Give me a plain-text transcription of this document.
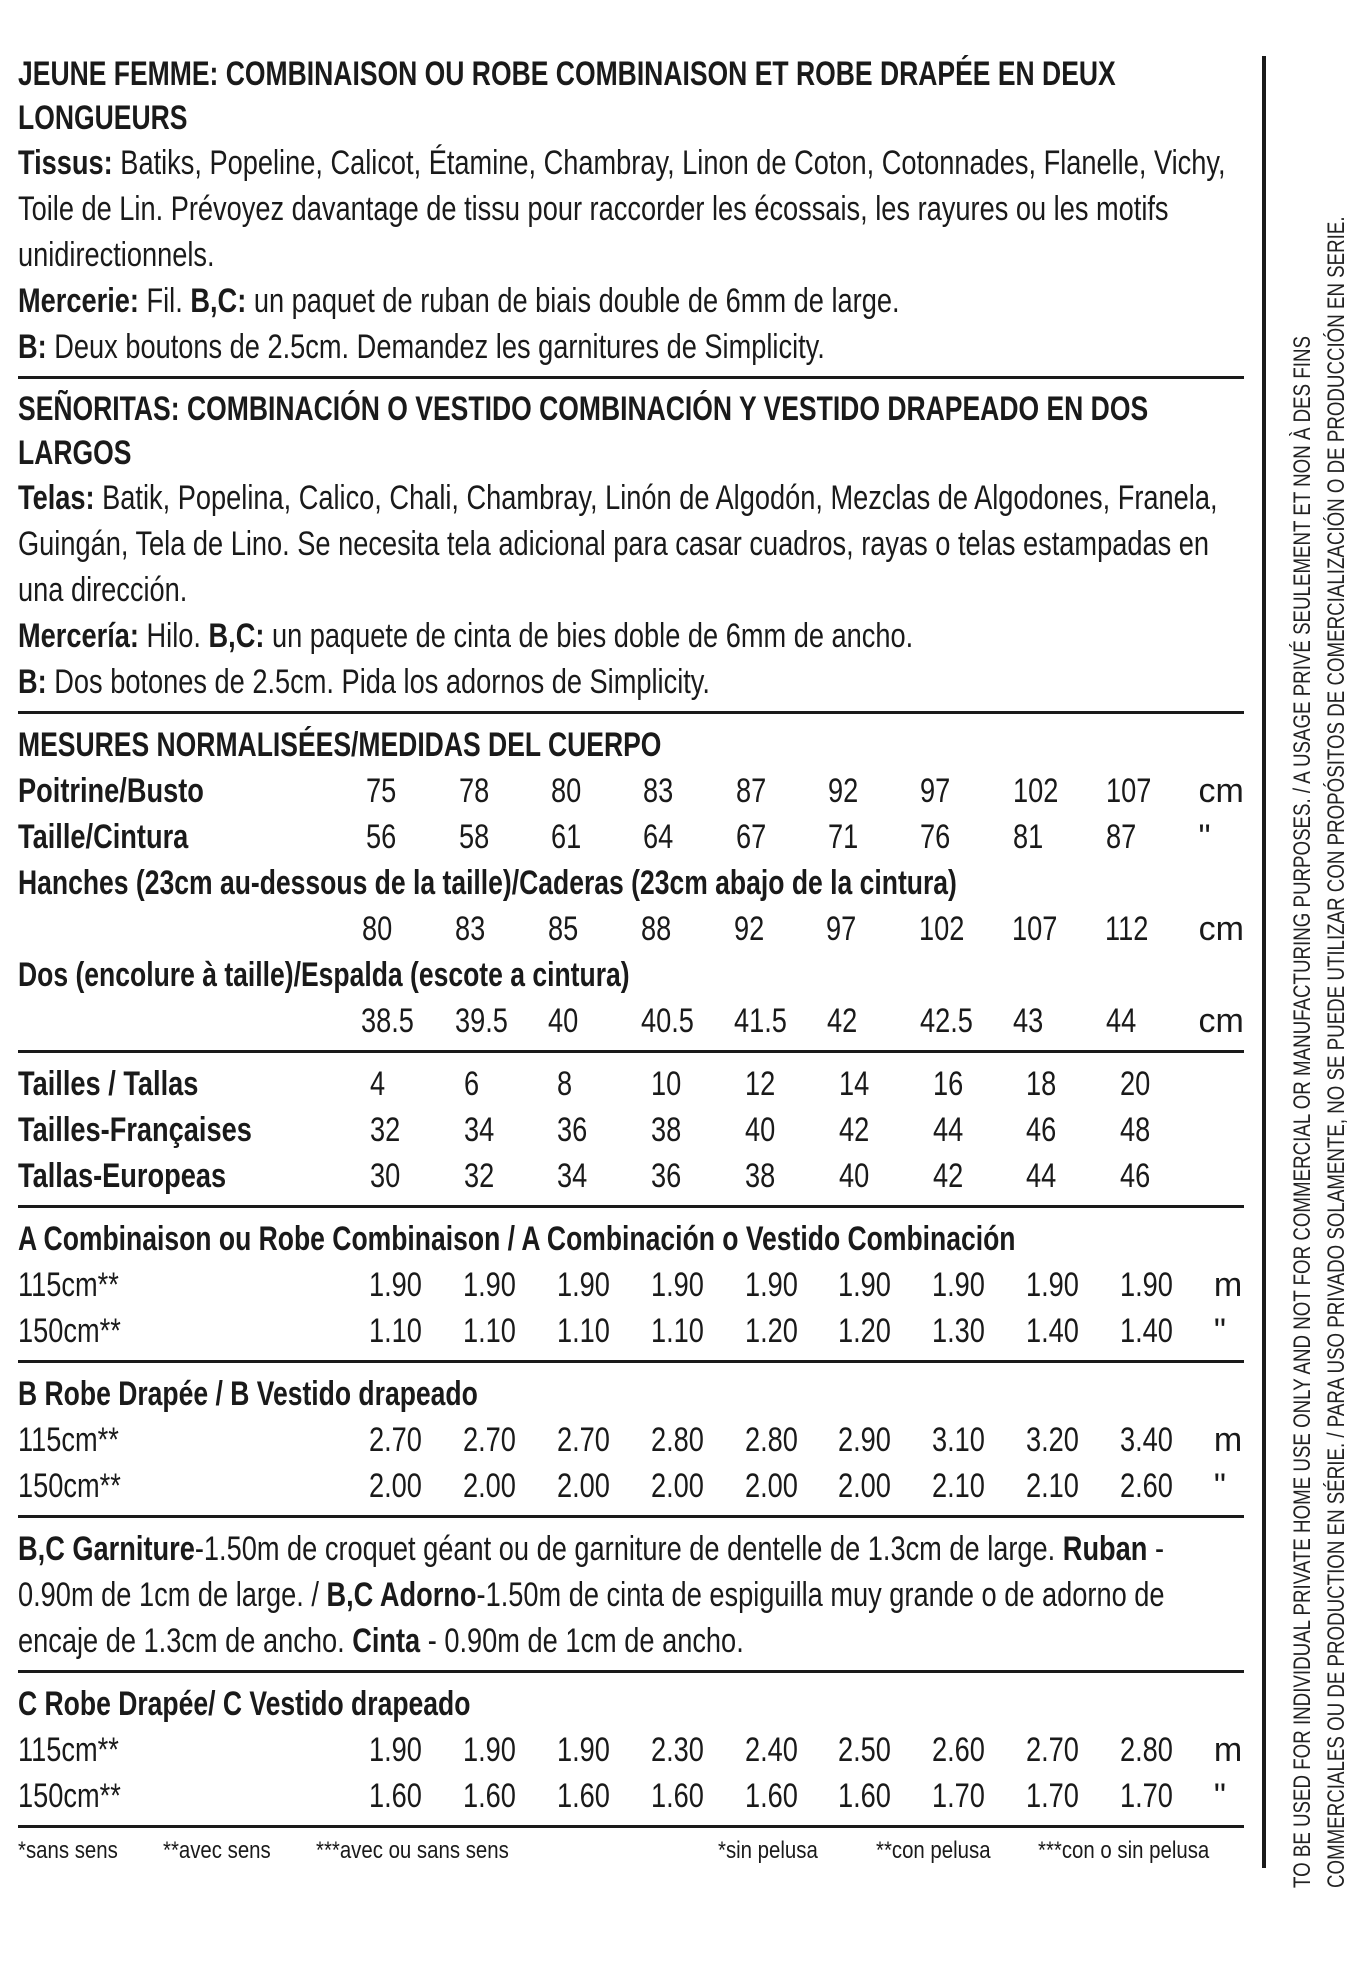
TO BE USED FOR INDIVIDUAL PRIVATE HOME USE ONLY AND NOT FOR COMMERCIAL OR MANUFACTURING PURPOSES. / A USAGE PRIVÉ SEULEMENT ET NON À DES FINS COMMERCIALES OU DE PRODUCTION EN SÉRIE. / PARA USO PRIVADO SOLAMENTE, NO SE PUEDE UTILIZAR CON PROPÓSITOS DE COMERCIALIZACIÓN O DE PRODUCCIÓN EN SERIE.
JEUNE FEMME: COMBINAISON OU ROBE COMBINAISON ET ROBE DRAPÉE EN DEUX LONGUEURS

Tissus: Batiks, Popeline, Calicot, Étamine, Chambray, Linon de Coton, Cotonnades, Flanelle, Vichy, Toile de Lin. Prévoyez davantage de tissu pour raccorder les écossais, les rayures ou les motifs unidirectionnels.

Mercerie: Fil. B,C: un paquet de ruban de biais double de 6mm de large.

B: Deux boutons de 2.5cm. Demandez les garnitures de Simplicity.

SEÑORITAS: COMBINACIÓN O VESTIDO COMBINACIÓN Y VESTIDO DRAPEADO EN DOS LARGOS

Telas: Batik, Popelina, Calico, Chali, Chambray, Linón de Algodón, Mezclas de Algodones, Franela, Guingán, Tela de Lino. Se necesita tela adicional para casar cuadros, rayas o telas estampadas en una dirección.

Mercería: Hilo. B,C: un paquete de cinta de bies doble de 6mm de ancho.

B: Dos botones de 2.5cm. Pida los adornos de Simplicity.

MESURES NORMALISÉES/MEDIDAS DEL CUERPO
Poitrine/Busto	75	78	80	83	87	92	97	102	107	cm
Taille/Cintura	56	58	61	64	67	71	76	81	87	"
Hanches (23cm au-dessous de la taille)/Caderas (23cm abajo de la cintura)
	80	83	85	88	92	97	102	107	112	cm
Dos (encolure à taille)/Espalda (escote a cintura)
	38.5	39.5	40	40.5	41.5	42	42.5	43	44	cm
Tailles / Tallas	4	6	8	10	12	14	16	18	20	
Tailles-Françaises	32	34	36	38	40	42	44	46	48	
Tallas-Europeas	30	32	34	36	38	40	42	44	46	
A Combinaison ou Robe Combinaison / A Combinación o Vestido Combinación
115cm**	1.90	1.90	1.90	1.90	1.90	1.90	1.90	1.90	1.90	m
150cm**	1.10	1.10	1.10	1.10	1.20	1.20	1.30	1.40	1.40	"
B Robe Drapée / B Vestido drapeado
115cm**	2.70	2.70	2.70	2.80	2.80	2.90	3.10	3.20	3.40	m
150cm**	2.00	2.00	2.00	2.00	2.00	2.00	2.10	2.10	2.60	"

B,C Garniture-1.50m de croquet géant ou de garniture de dentelle de 1.3cm de large. Ruban - 0.90m de 1cm de large. / B,C Adorno-1.50m de cinta de espiguilla muy grande o de adorno de encaje de 1.3cm de ancho. Cinta - 0.90m de 1cm de ancho.

C Robe Drapée/ C Vestido drapeado
115cm**	1.90	1.90	1.90	2.30	2.40	2.50	2.60	2.70	2.80	m
150cm**	1.60	1.60	1.60	1.60	1.60	1.60	1.70	1.70	1.70	"
*sans sens **avec sens ***avec ou sans sens	*sin pelusa **con pelusa ***con o sin pelusa
